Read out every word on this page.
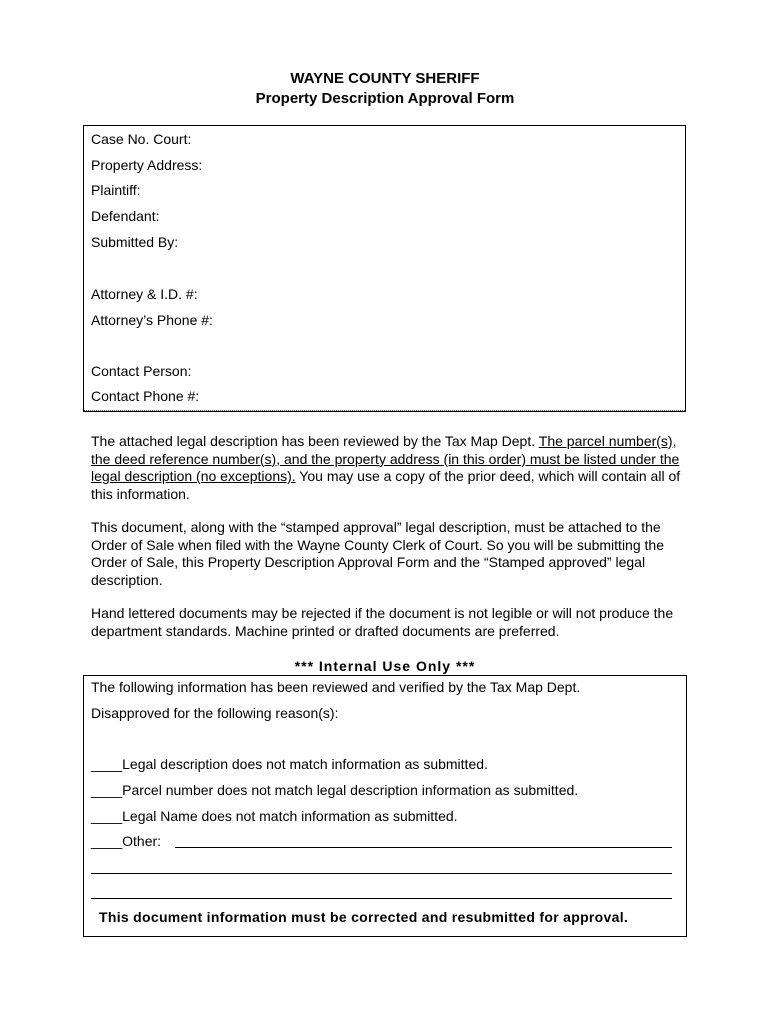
WAYNE COUNTY SHERIFF
Property Description Approval Form
Case No. Court:
Property Address:
Plaintiff:
Defendant:
Submitted By:
Attorney & I.D. #:
Attorney’s Phone #:
Contact Person:
Contact Phone #:

The attached legal description has been reviewed by the Tax Map Dept. The parcel number(s), the deed reference number(s), and the property address (in this order) must be listed under the legal description (no exceptions). You may use a copy of the prior deed, which will contain all of this information.

This document, along with the “stamped approval” legal description, must be attached to the Order of Sale when filed with the Wayne County Clerk of Court. So you will be submitting the Order of Sale, this Property Description Approval Form and the “Stamped approved” legal description.

Hand lettered documents may be rejected if the document is not legible or will not produce the department standards. Machine printed or drafted documents are preferred.

*** Internal Use Only ***
The following information has been reviewed and verified by the Tax Map Dept.
Disapproved for the following reason(s):
____Legal description does not match information as submitted.
____Parcel number does not match legal description information as submitted.
____Legal Name does not match information as submitted.
____Other:
This document information must be corrected and resubmitted for approval.
